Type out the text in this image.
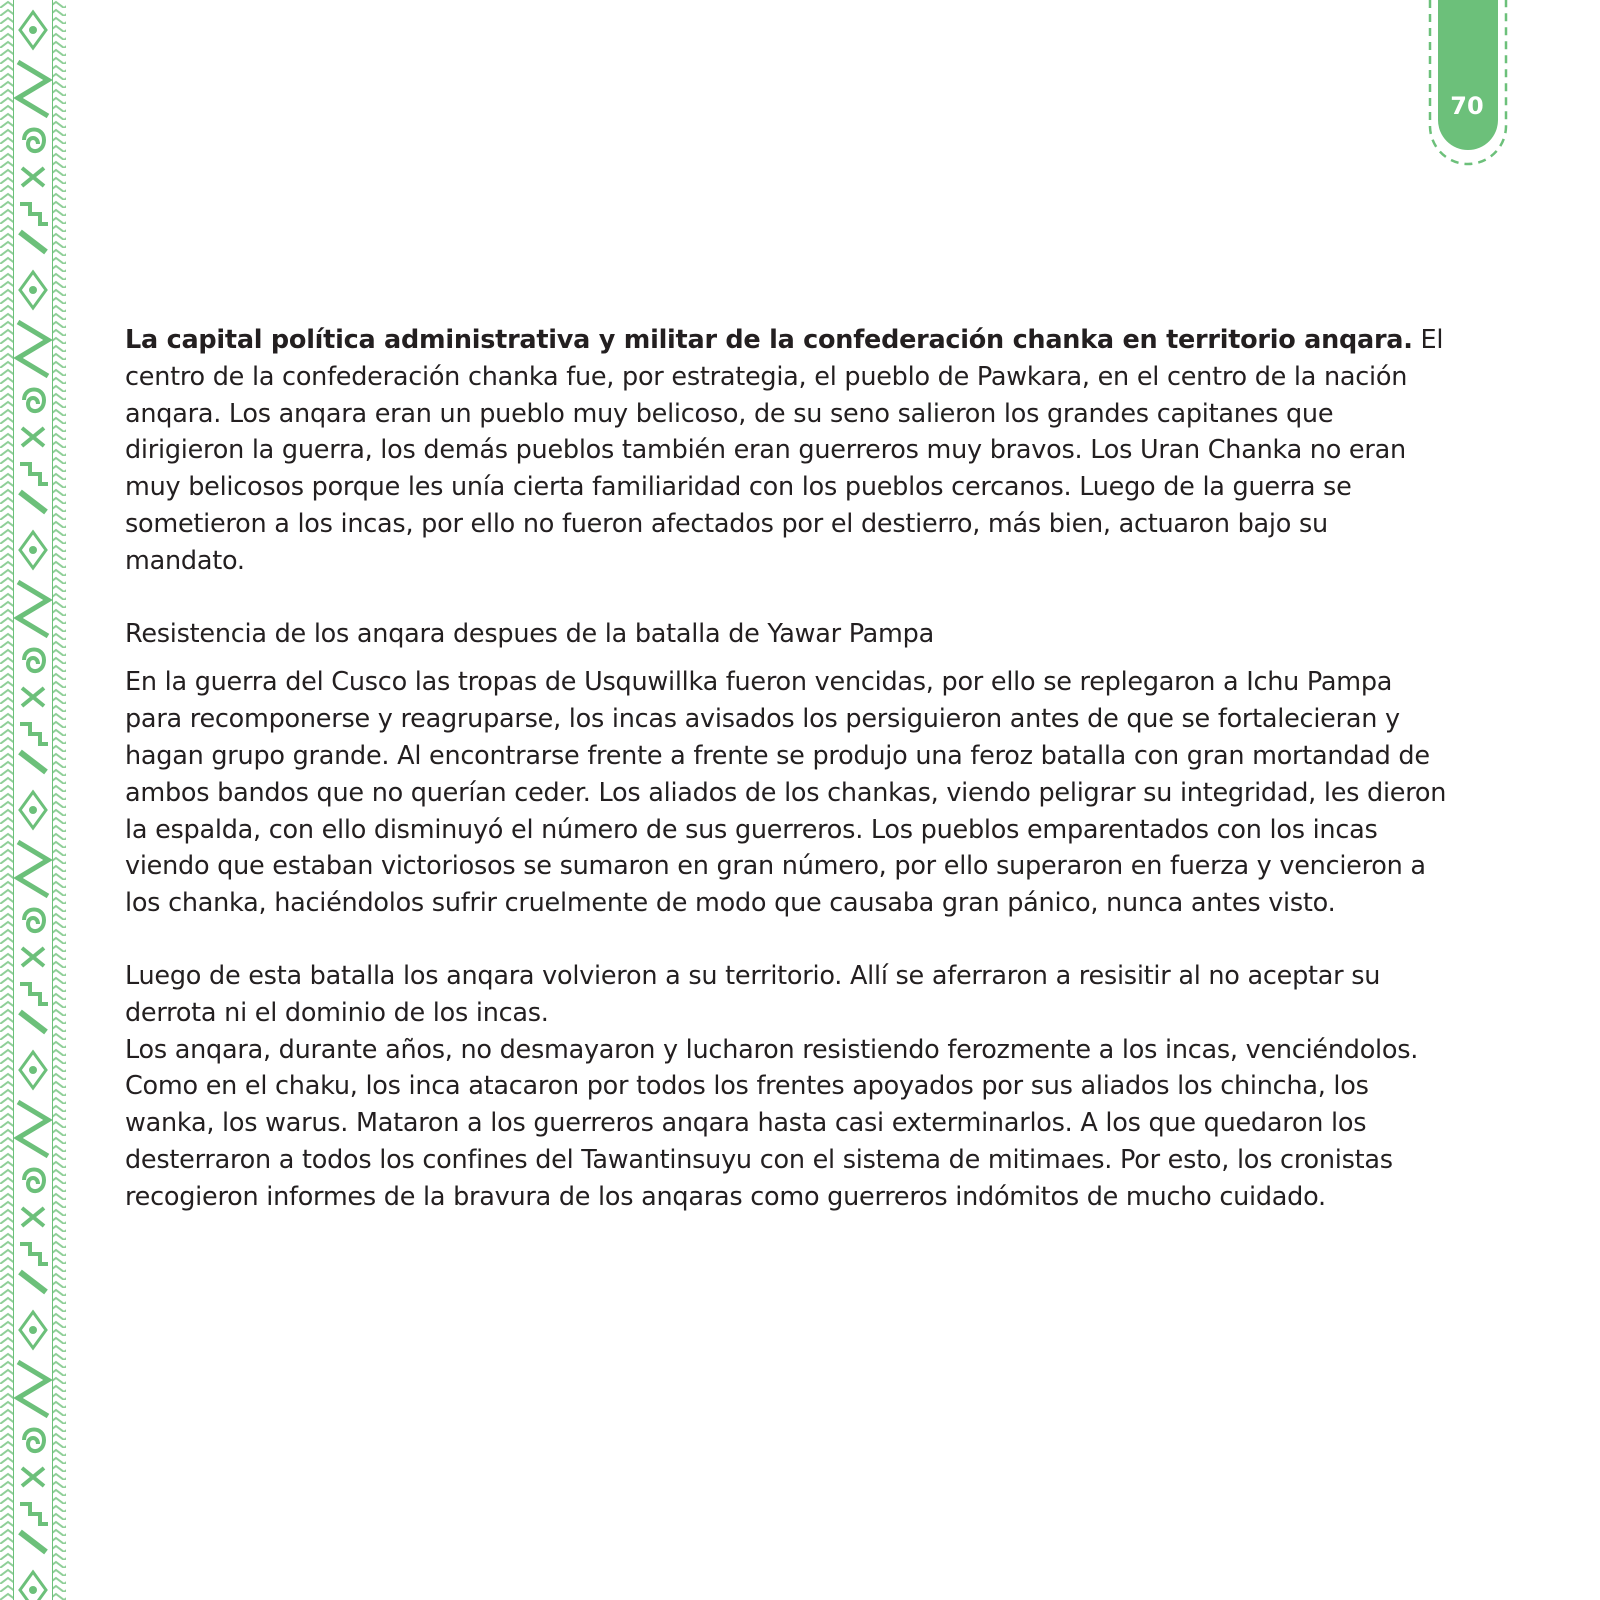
70

La capital política administrativa y militar de la confederación chanka en territorio anqara. El centro de la confederación chanka fue, por estrategia, el pueblo de Pawkara, en el centro de la nación anqara. Los anqara eran un pueblo muy belicoso, de su seno salieron los grandes capitanes que dirigieron la guerra, los demás pueblos también eran guerreros muy bravos. Los Uran Chanka no eran muy belicosos porque les unía cierta familiaridad con los pueblos cercanos. Luego de la guerra se sometieron a los incas, por ello no fueron afectados por el destierro, más bien, actuaron bajo su mandato.

Resistencia de los anqara despues de la batalla de Yawar Pampa

En la guerra del Cusco las tropas de Usquwillka fueron vencidas, por ello se replegaron a Ichu Pampa para recomponerse y reagruparse, los incas avisados los persiguieron antes de que se fortalecieran y hagan grupo grande. Al encontrarse frente a frente se produjo una feroz batalla con gran mortandad de ambos bandos que no querían ceder. Los aliados de los chankas, viendo peligrar su integridad, les dieron la espalda, con ello disminuyó el número de sus guerreros. Los pueblos emparentados con los incas viendo que estaban victoriosos se sumaron en gran número, por ello superaron en fuerza y vencieron a los chanka, haciéndolos sufrir cruelmente de modo que causaba gran pánico, nunca antes visto.

Luego de esta batalla los anqara volvieron a su territorio. Allí se aferraron a resisitir al no aceptar su derrota ni el dominio de los incas.

Los anqara, durante años, no desmayaron y lucharon resistiendo ferozmente a los incas, venciéndolos. Como en el chaku, los inca atacaron por todos los frentes apoyados por sus aliados los chincha, los wanka, los warus. Mataron a los guerreros anqara hasta casi exterminarlos. A los que quedaron los desterraron a todos los confines del Tawantinsuyu con el sistema de mitimaes. Por esto, los cronistas recogieron informes de la bravura de los anqaras como guerreros indómitos de mucho cuidado.
